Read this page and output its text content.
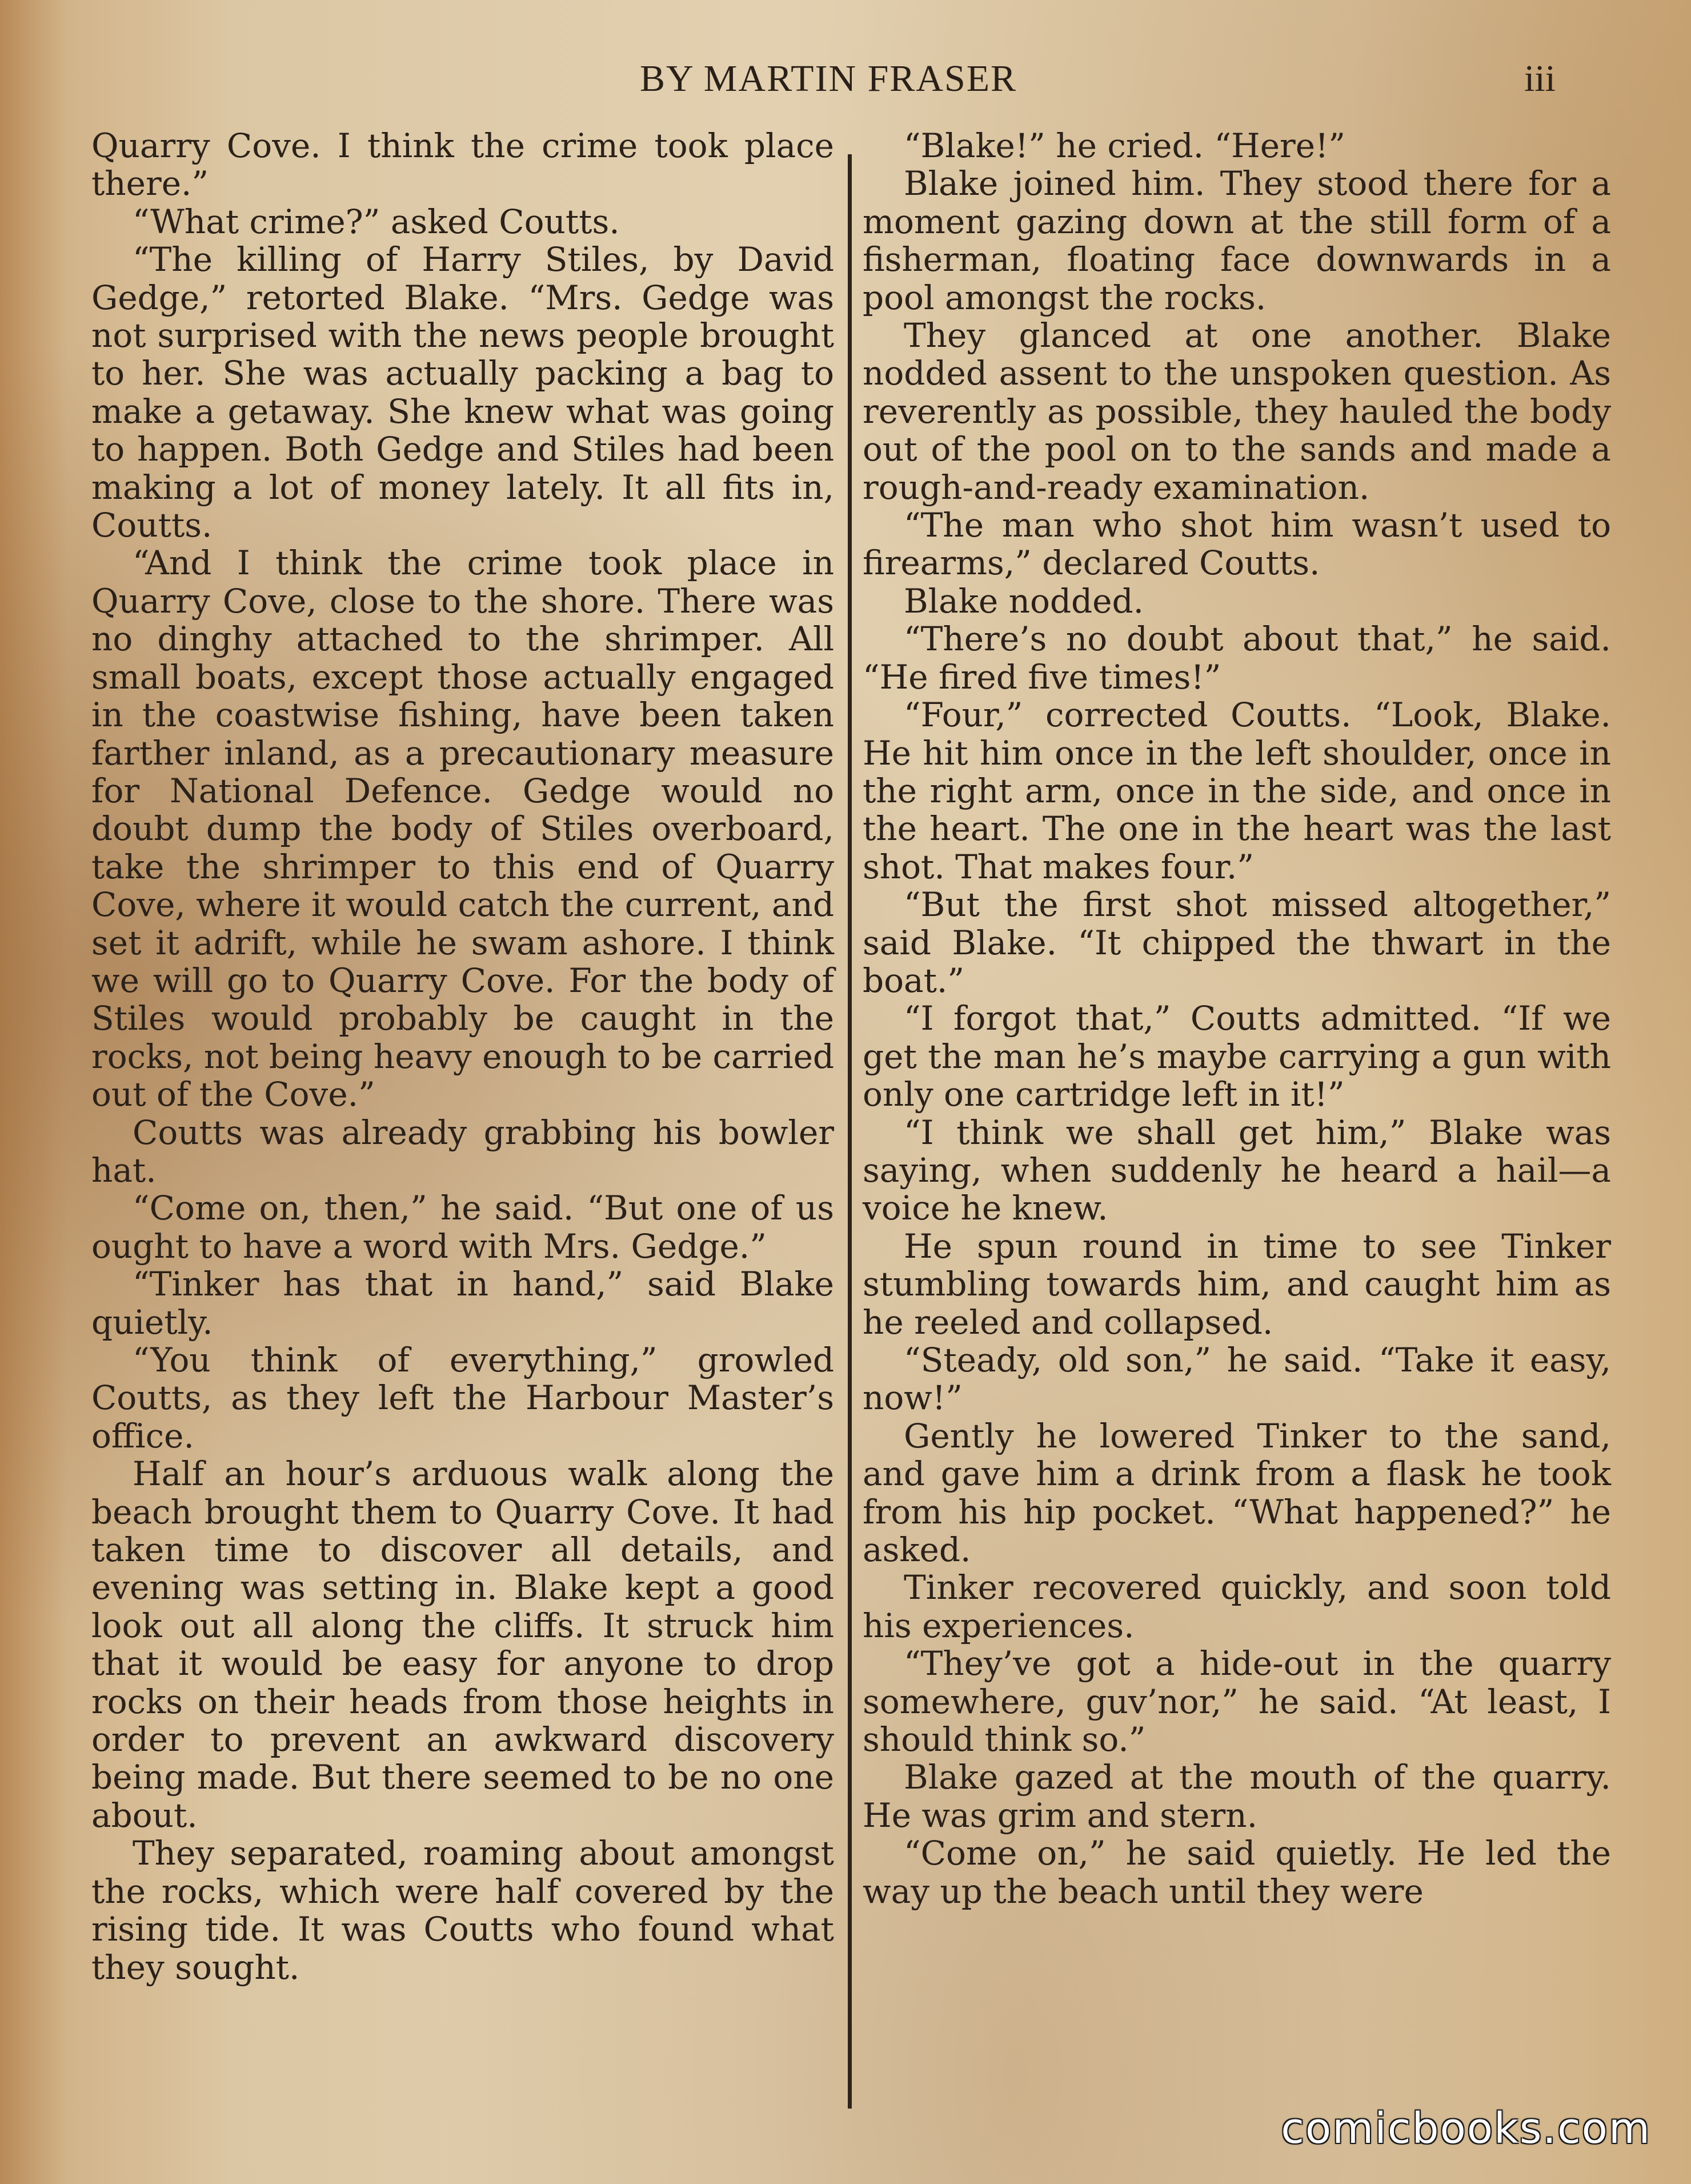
BY MARTIN FRASER	iii

Quarry Cove. I think the crime took place there.”

“What crime?” asked Coutts.

“The killing of Harry Stiles, by David Gedge,” retorted Blake. “Mrs. Gedge was not surprised with the news people brought to her. She was actually packing a bag to make a getaway. She knew what was going to happen. Both Gedge and Stiles had been making a lot of money lately. It all fits in, Coutts.

“And I think the crime took place in Quarry Cove, close to the shore. There was no dinghy attached to the shrimper. All small boats, except those actually engaged in the coastwise fishing, have been taken farther inland, as a precautionary measure for National Defence. Gedge would no doubt dump the body of Stiles overboard, take the shrimper to this end of Quarry Cove, where it would catch the current, and set it adrift, while he swam ashore. I think we will go to Quarry Cove. For the body of Stiles would probably be caught in the rocks, not being heavy enough to be carried out of the Cove.”

Coutts was already grabbing his bowler hat.

“Come on, then,” he said. “But one of us ought to have a word with Mrs. Gedge.”

“Tinker has that in hand,” said Blake quietly.

“You think of everything,” growled Coutts, as they left the Harbour Master’s office.

Half an hour’s arduous walk along the beach brought them to Quarry Cove. It had taken time to discover all details, and evening was setting in. Blake kept a good look out all along the cliffs. It struck him that it would be easy for anyone to drop rocks on their heads from those heights in order to prevent an awkward discovery being made. But there seemed to be no one about.

They separated, roaming about amongst the rocks, which were half covered by the rising tide. It was Coutts who found what they sought.

“Blake!” he cried. “Here!”

Blake joined him. They stood there for a moment gazing down at the still form of a fisherman, floating face downwards in a pool amongst the rocks.

They glanced at one another. Blake nodded assent to the unspoken question. As reverently as possible, they hauled the body out of the pool on to the sands and made a rough-and-ready examination.

“The man who shot him wasn’t used to firearms,” declared Coutts.

Blake nodded.

“There’s no doubt about that,” he said. “He fired five times!”

“Four,” corrected Coutts. “Look, Blake. He hit him once in the left shoulder, once in the right arm, once in the side, and once in the heart. The one in the heart was the last shot. That makes four.”

“But the first shot missed altogether,” said Blake. “It chipped the thwart in the boat.”

“I forgot that,” Coutts admitted. “If we get the man he’s maybe carrying a gun with only one cartridge left in it!”

“I think we shall get him,” Blake was saying, when suddenly he heard a hail—a voice he knew.

He spun round in time to see Tinker stumbling towards him, and caught him as he reeled and collapsed.

“Steady, old son,” he said. “Take it easy, now!”

Gently he lowered Tinker to the sand, and gave him a drink from a flask he took from his hip pocket. “What happened?” he asked.

Tinker recovered quickly, and soon told his experiences.

“They’ve got a hide-out in the quarry somewhere, guv’nor,” he said. “At least, I should think so.”

Blake gazed at the mouth of the quarry. He was grim and stern.

“Come on,” he said quietly. He led the way up the beach until they were

comicbooks.com
